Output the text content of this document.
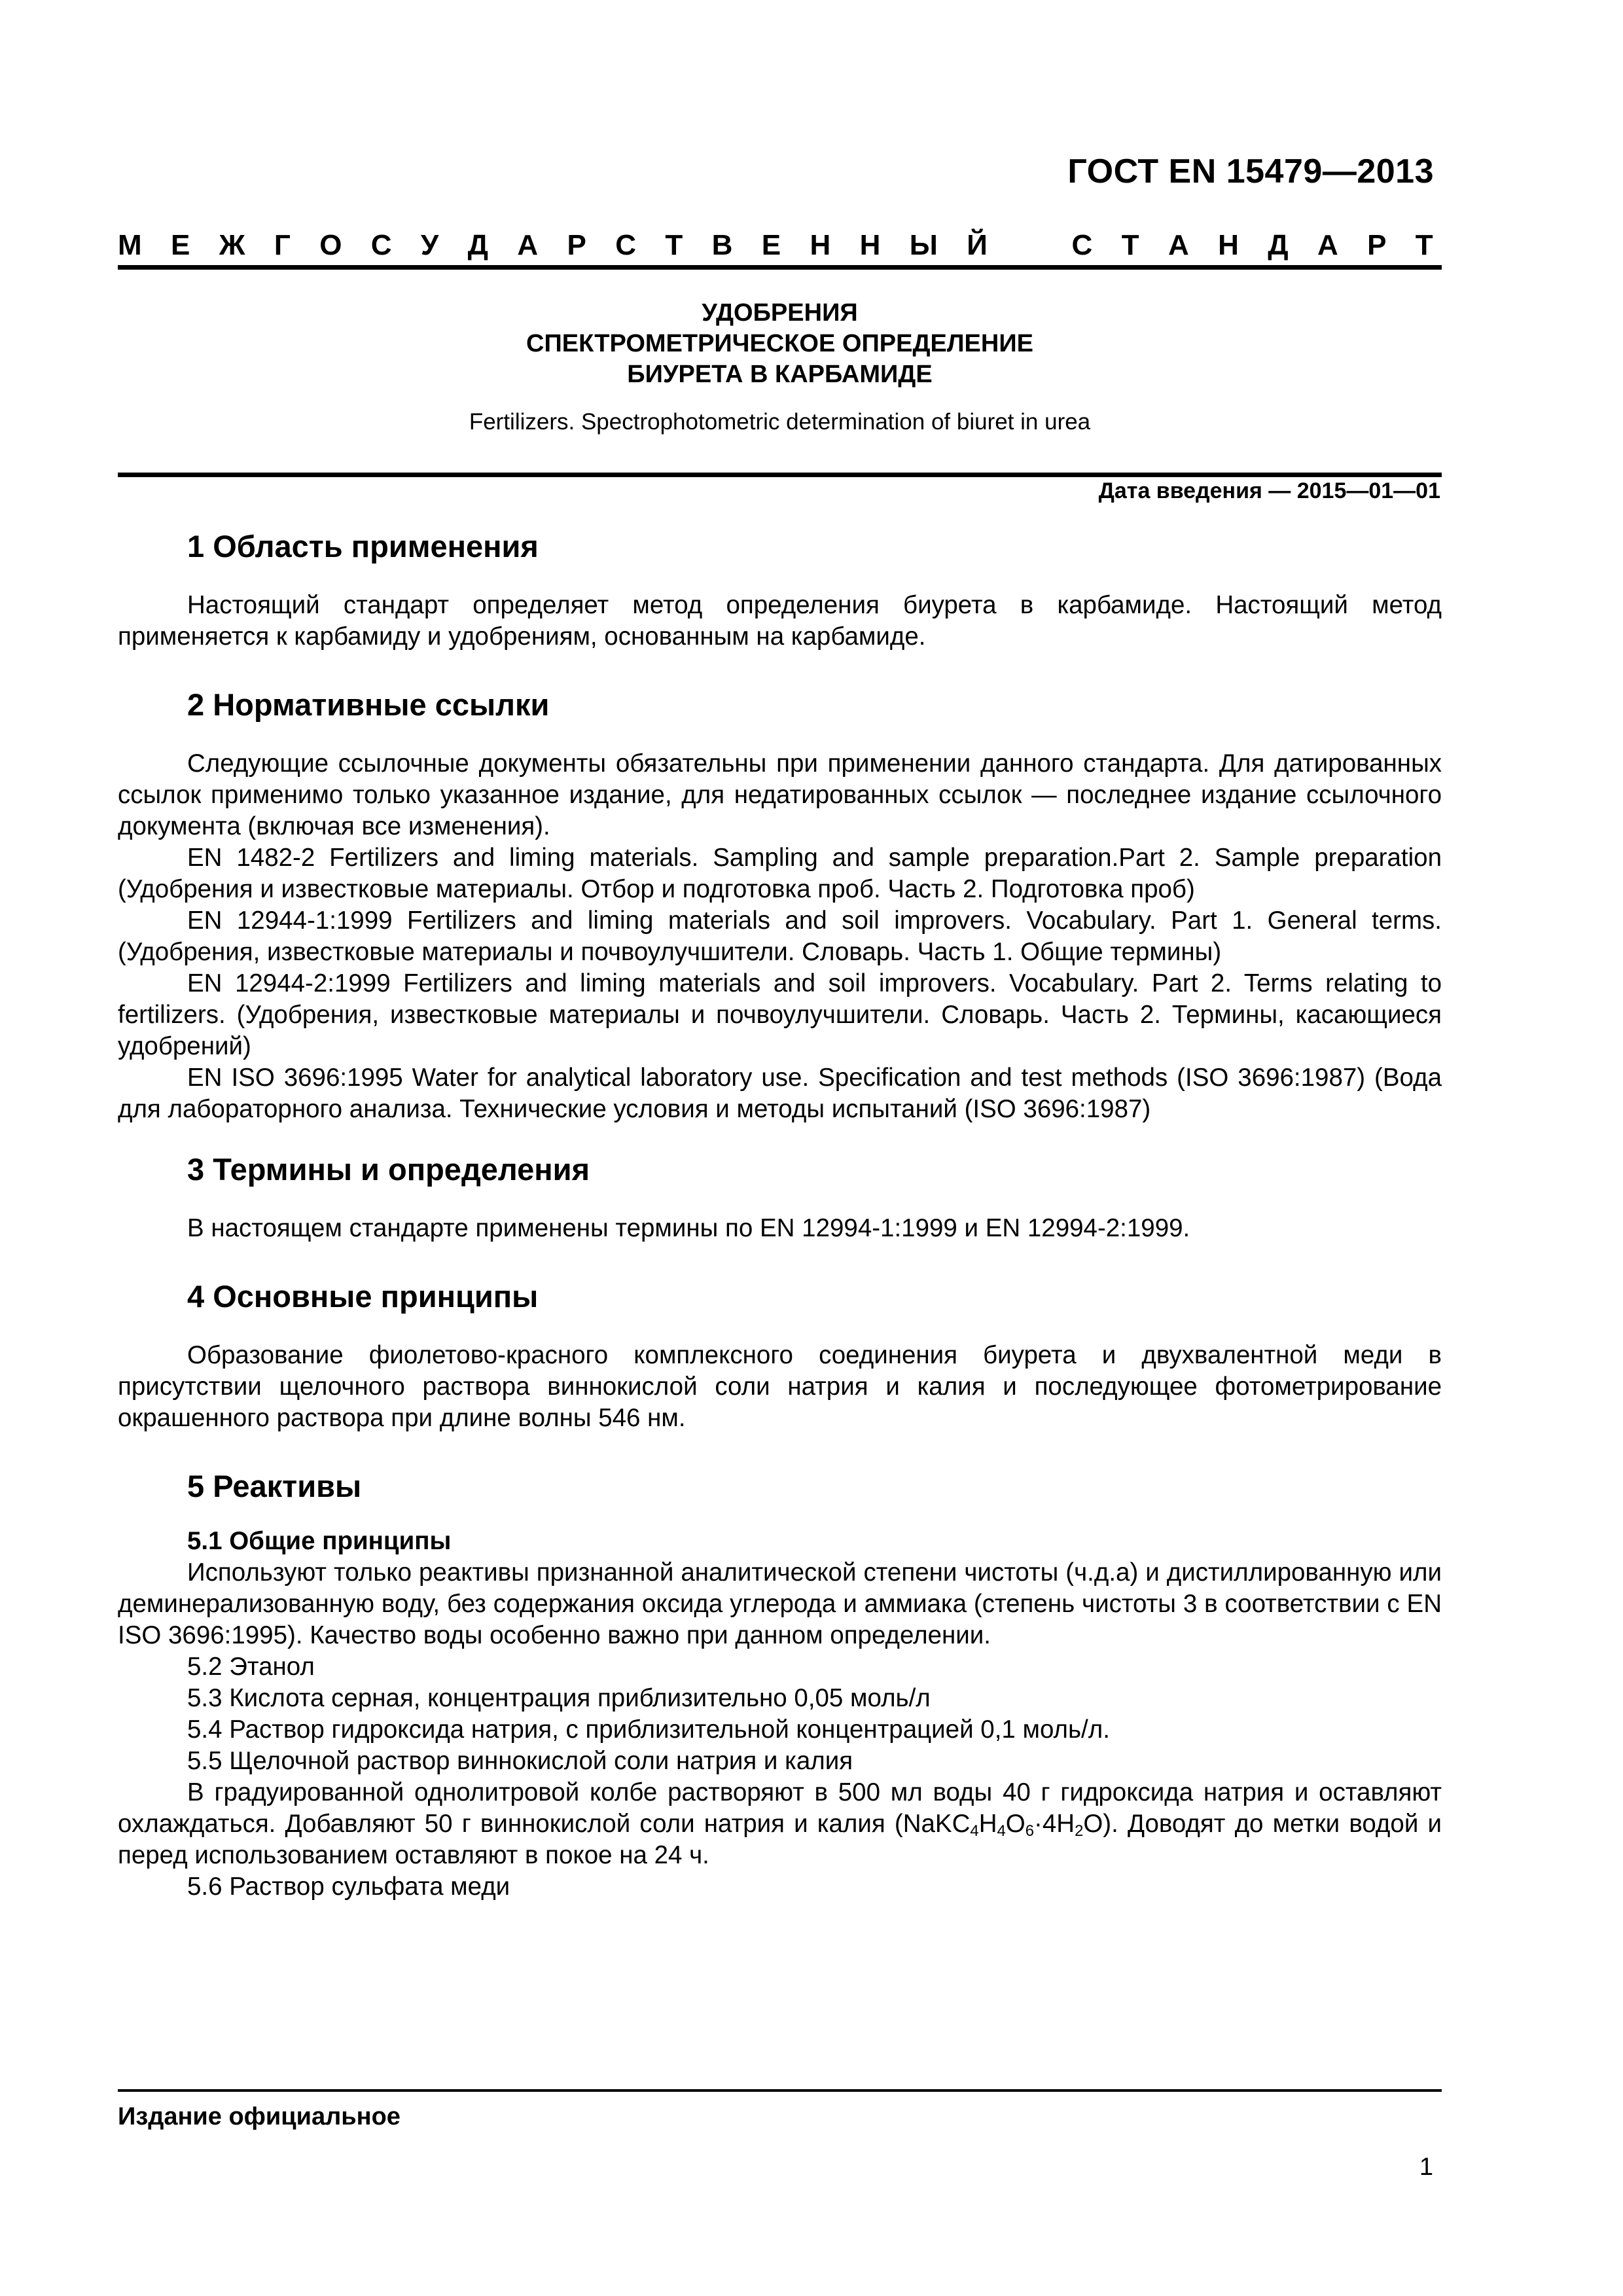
ГОСТ EN 15479—2013
М Е Ж Г О С У Д А Р С Т В Е Н Н Ы Й	С Т А Н Д А Р Т
УДОБРЕНИЯ
СПЕКТРОМЕТРИЧЕСКОЕ ОПРЕДЕЛЕНИЕ
БИУРЕТА В КАРБАМИДЕ
Fertilizers. Spectrophotometric determination of biuret in urea
Дата введения — 2015—01—01
1 Область применения

Настоящий стандарт определяет метод определения биурета в карбамиде. Настоящий метод применяется к карбамиду и удобрениям, основанным на карбамиде.

2 Нормативные ссылки

Следующие ссылочные документы обязательны при применении данного стандарта. Для датированных ссылок применимо только указанное издание, для недатированных ссылок — последнее издание ссылочного документа (включая все изменения).

EN 1482-2 Fertilizers and liming materials. Sampling and sample preparation.Part 2. Sample preparation (Удобрения и известковые материалы. Отбор и подготовка проб. Часть 2. Подготовка проб)

EN 12944-1:1999 Fertilizers and liming materials and soil improvers. Vocabulary. Part 1. General terms. (Удобрения, известковые материалы и почвоулучшители. Словарь. Часть 1. Общие термины)

EN 12944-2:1999 Fertilizers and liming materials and soil improvers. Vocabulary. Part 2. Terms relating to fertilizers. (Удобрения, известковые материалы и почвоулучшители. Словарь. Часть 2. Термины, касающиеся удобрений)

EN ISO 3696:1995 Water for analytical laboratory use. Specification and test methods (ISO 3696:1987) (Вода для лабораторного анализа. Технические условия и методы испытаний (ISO 3696:1987)

3 Термины и определения

В настоящем стандарте применены термины по EN 12994-1:1999 и EN 12994-2:1999.

4 Основные принципы

Образование фиолетово-красного комплексного соединения биурета и двухвалентной меди в присутствии щелочного раствора виннокислой соли натрия и калия и последующее фотометрирование окрашенного раствора при длине волны 546 нм.

5 Реактивы
5.1 Общие принципы

Используют только реактивы признанной аналитической степени чистоты (ч.д.а) и дистиллированную или деминерализованную воду, без содержания оксида углерода и аммиака (степень чистоты 3 в соответствии с EN ISO 3696:1995). Качество воды особенно важно при данном определении.

5.2 Этанол

5.3 Кислота серная, концентрация приблизительно 0,05 моль/л

5.4 Раствор гидроксида натрия, с приблизительной концентрацией 0,1 моль/л.

5.5 Щелочной раствор виннокислой соли натрия и калия

В градуированной однолитровой колбе растворяют в 500 мл воды 40 г гидроксида натрия и оставляют охлаждаться. Добавляют 50 г виннокислой соли натрия и калия $(NaKC_4H_4O_6\cdot 4H_2O)$. Доводят до метки водой и перед использованием оставляют в покое на 24 ч.

5.6 Раствор сульфата меди

Издание официальное
1
